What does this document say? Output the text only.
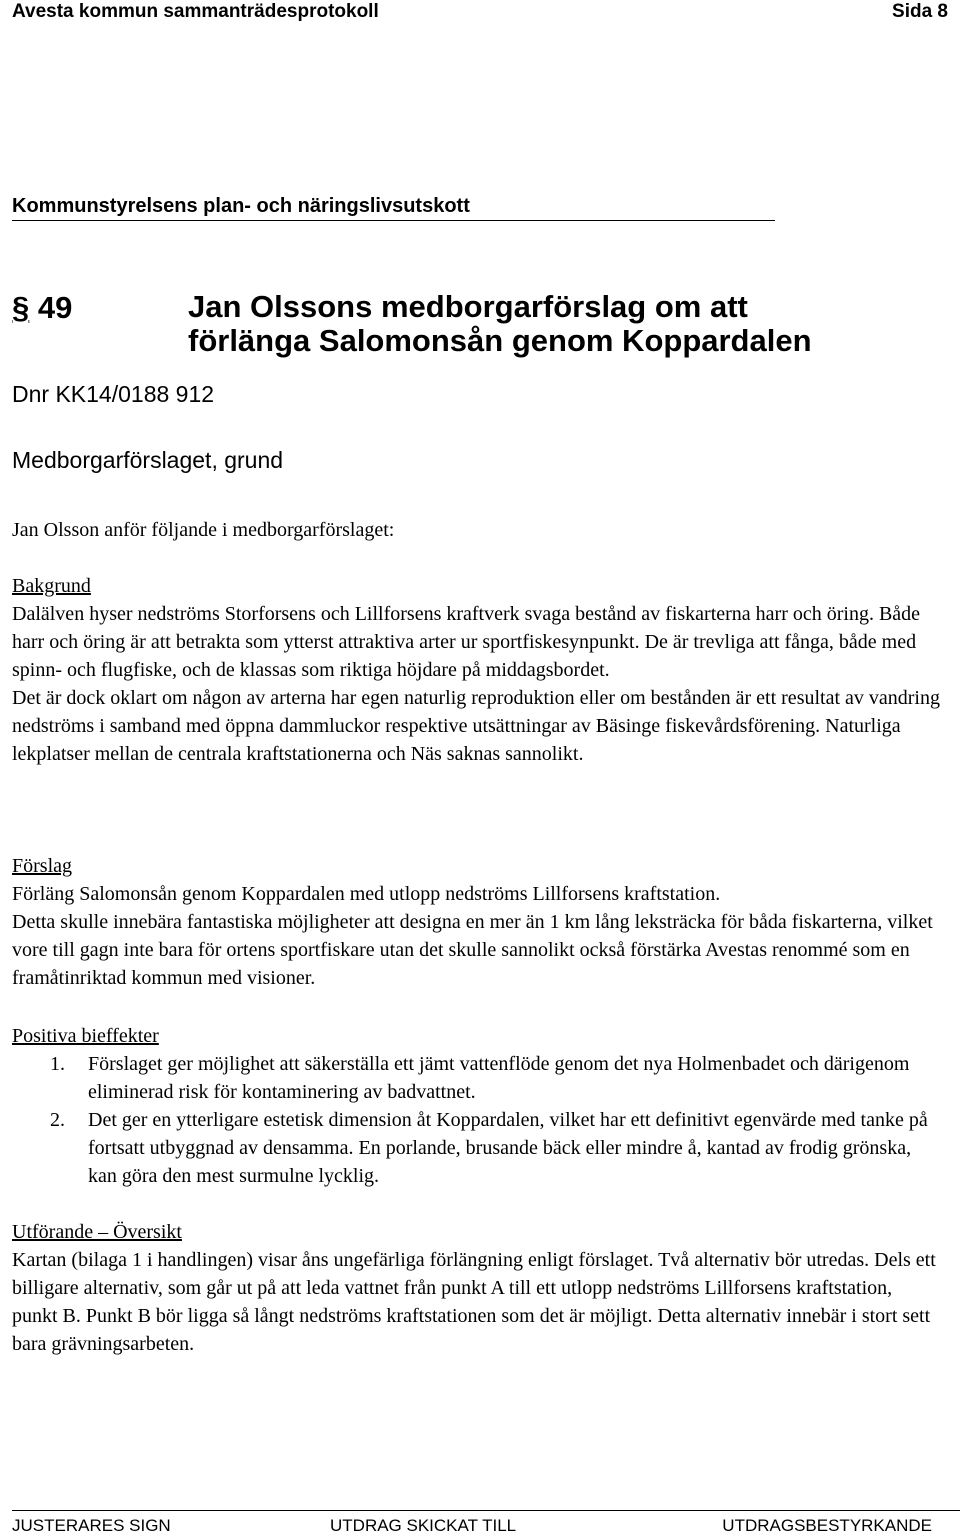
Avesta kommun sammanträdesprotokoll	Sida 8
Kommunstyrelsens plan- och näringslivsutskott
§ 49	Jan Olssons medborgarförslag om att
förlänga Salomonsån genom Koppardalen
Dnr KK14/0188 912
Medborgarförslaget, grund
Jan Olsson anför följande i medborgarförslaget:

Bakgrund

Dalälven hyser nedströms Storforsens och Lillforsens kraftverk svaga bestånd av fiskarterna harr och öring. Både harr och öring är att betrakta som ytterst attraktiva arter ur sportfiskesynpunkt. De är trevliga att fånga, både med spinn- och flugfiske, och de klassas som riktiga höjdare på middagsbordet.

Det är dock oklart om någon av arterna har egen naturlig reproduktion eller om bestånden är ett resultat av vandring nedströms i samband med öppna dammluckor respektive utsättningar av Bäsinge fiskevårdsförening. Naturliga lekplatser mellan de centrala kraftstationerna och Näs saknas sannolikt.

Förslag

Förläng Salomonsån genom Koppardalen med utlopp nedströms Lillforsens kraftstation.

Detta skulle innebära fantastiska möjligheter att designa en mer än 1 km lång leksträcka för båda fiskarterna, vilket vore till gagn inte bara för ortens sportfiskare utan det skulle sannolikt också förstärka Avestas renommé som en framåtinriktad kommun med visioner.

Positiva bieffekter

1. Förslaget ger möjlighet att säkerställa ett jämt vattenflöde genom det nya Holmenbadet och därigenom eliminerad risk för kontaminering av badvattnet.
2. Det ger en ytterligare estetisk dimension åt Koppardalen, vilket har ett definitivt egenvärde med tanke på fortsatt utbyggnad av densamma. En porlande, brusande bäck eller mindre å, kantad av frodig grönska, kan göra den mest surmulne lycklig.

Utförande – Översikt

Kartan (bilaga 1 i handlingen) visar åns ungefärliga förlängning enligt förslaget. Två alternativ bör utredas. Dels ett billigare alternativ, som går ut på att leda vattnet från punkt A till ett utlopp nedströms Lillforsens kraftstation, punkt B. Punkt B bör ligga så långt nedströms kraftstationen som det är möjligt. Detta alternativ innebär i stort sett bara grävningsarbeten.

JUSTERARES SIGN	UTDRAG SKICKAT TILL	UTDRAGSBESTYRKANDE
